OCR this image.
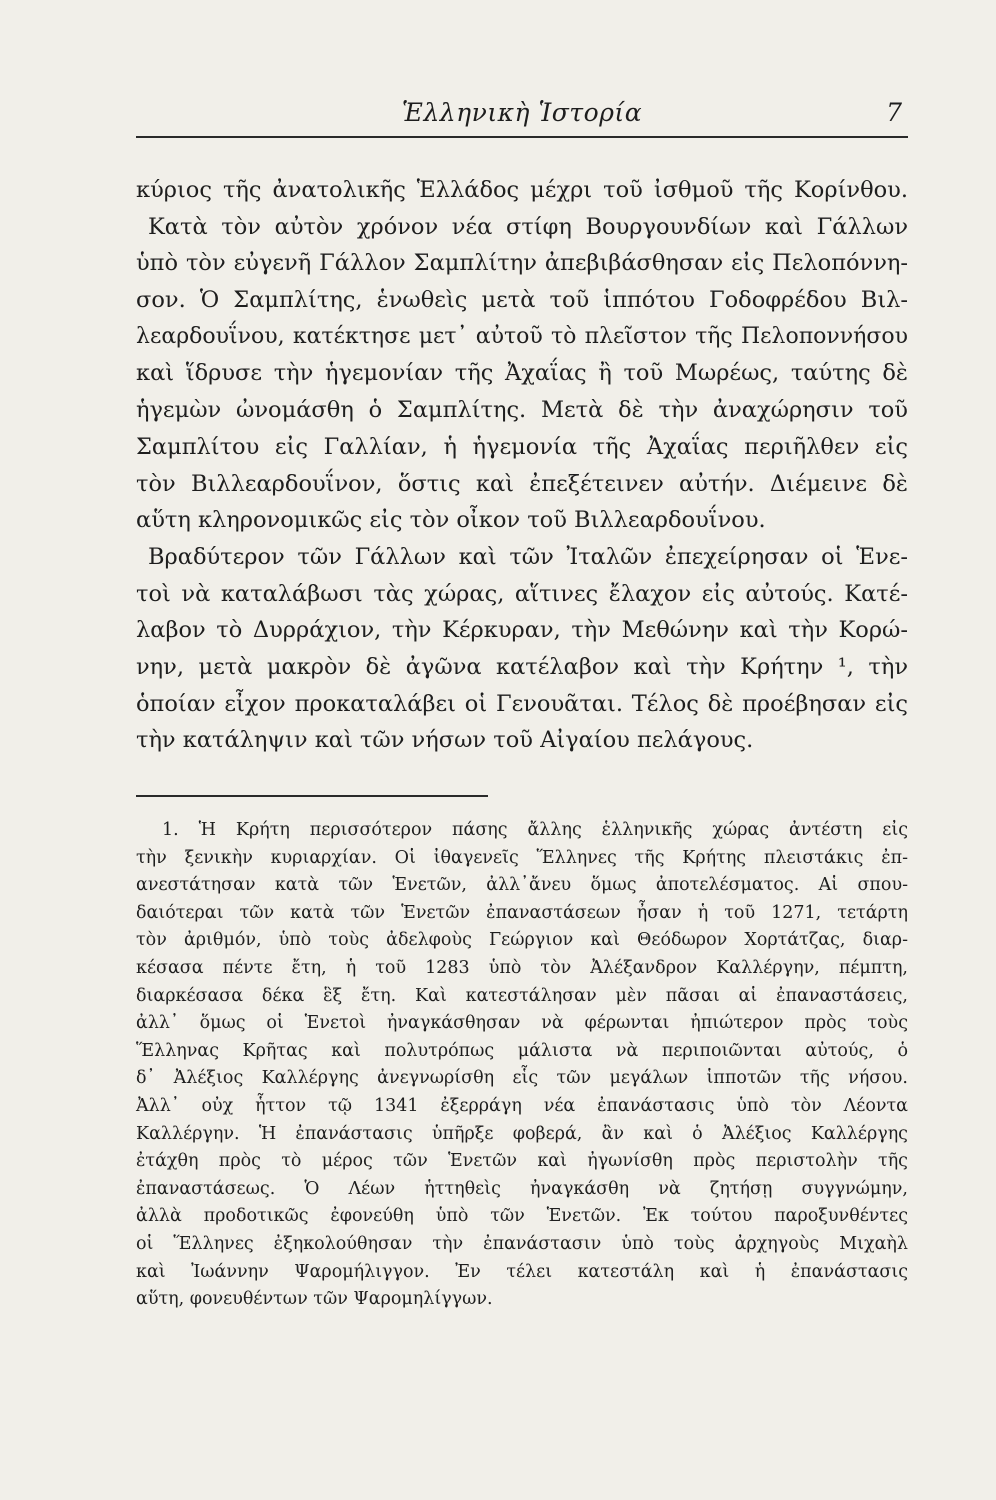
Ἑλληνικὴ Ἱστορία	7
κύριος τῆς ἀνατολικῆς Ἑλλάδος μέχρι τοῦ ἰσθμοῦ τῆς Κορίνθου.
Κατὰ τὸν αὐτὸν χρόνον νέα στίφη Βουργουνδίων καὶ Γάλλων
ὑπὸ τὸν εὐγενῆ Γάλλον Σαμπλίτην ἀπεβιβάσθησαν εἰς Πελοπόννη-
σον. Ὁ Σαμπλίτης, ἑνωθεὶς μετὰ τοῦ ἱππότου Γοδοφρέδου Βιλ-
λεαρδουΐνου, κατέκτησε μετ᾽ αὐτοῦ τὸ πλεῖστον τῆς Πελοποννήσου
καὶ ἵδρυσε τὴν ἡγεμονίαν τῆς Ἀχαΐας ἢ τοῦ Μωρέως, ταύτης δὲ
ἡγεμὼν ὠνομάσθη ὁ Σαμπλίτης. Μετὰ δὲ τὴν ἀναχώρησιν τοῦ
Σαμπλίτου εἰς Γαλλίαν, ἡ ἡγεμονία τῆς Ἀχαΐας περιῆλθεν εἰς
τὸν Βιλλεαρδουΐνον, ὅστις καὶ ἐπεξέτεινεν αὐτήν. Διέμεινε δὲ
αὕτη κληρονομικῶς εἰς τὸν οἶκον τοῦ Βιλλεαρδουΐνου.
Βραδύτερον τῶν Γάλλων καὶ τῶν Ἰταλῶν ἐπεχείρησαν οἱ Ἑνε-
τοὶ νὰ καταλάβωσι τὰς χώρας, αἵτινες ἔλαχον εἰς αὐτούς. Κατέ-
λαβον τὸ Δυρράχιον, τὴν Κέρκυραν, τὴν Μεθώνην καὶ τὴν Κορώ-
νην, μετὰ μακρὸν δὲ ἀγῶνα κατέλαβον καὶ τὴν Κρήτην ¹, τὴν
ὁποίαν εἶχον προκαταλάβει οἱ Γενουᾶται. Τέλος δὲ προέβησαν εἰς
τὴν κατάληψιν καὶ τῶν νήσων τοῦ Αἰγαίου πελάγους.
1. Ἡ Κρήτη περισσότερον πάσης ἄλλης ἑλληνικῆς χώρας ἀντέστη εἰς
τὴν ξενικὴν κυριαρχίαν. Οἱ ἰθαγενεῖς Ἕλληνες τῆς Κρήτης πλειστάκις ἐπ-
ανεστάτησαν κατὰ τῶν Ἑνετῶν, ἀλλ᾽ἄνευ ὅμως ἀποτελέσματος. Αἱ σπου-
δαιότεραι τῶν κατὰ τῶν Ἑνετῶν ἐπαναστάσεων ἦσαν ἡ τοῦ 1271, τετάρτη
τὸν ἀριθμόν, ὑπὸ τοὺς ἀδελφοὺς Γεώργιον καὶ Θεόδωρον Χορτάτζας, διαρ-
κέσασα πέντε ἔτη, ἡ τοῦ 1283 ὑπὸ τὸν Ἀλέξανδρον Καλλέργην, πέμπτη,
διαρκέσασα δέκα ἓξ ἔτη. Καὶ κατεστάλησαν μὲν πᾶσαι αἱ ἐπαναστάσεις,
ἀλλ᾽ ὅμως οἱ Ἑνετοὶ ἠναγκάσθησαν νὰ φέρωνται ἠπιώτερον πρὸς τοὺς
Ἕλληνας Κρῆτας καὶ πολυτρόπως μάλιστα νὰ περιποιῶνται αὐτούς, ὁ
δ᾽ Ἀλέξιος Καλλέργης ἀνεγνωρίσθη εἷς τῶν μεγάλων ἱπποτῶν τῆς νήσου.
Ἀλλ᾽ οὐχ ἧττον τῷ 1341 ἐξερράγη νέα ἐπανάστασις ὑπὸ τὸν Λέοντα
Καλλέργην. Ἡ ἐπανάστασις ὑπῆρξε φοβερά, ἂν καὶ ὁ Ἀλέξιος Καλλέργης
ἐτάχθη πρὸς τὸ μέρος τῶν Ἑνετῶν καὶ ἠγωνίσθη πρὸς περιστολὴν τῆς
ἐπαναστάσεως. Ὁ Λέων ἡττηθεὶς ἠναγκάσθη νὰ ζητήσῃ συγγνώμην,
ἀλλὰ προδοτικῶς ἐφονεύθη ὑπὸ τῶν Ἑνετῶν. Ἐκ τούτου παροξυνθέντες
οἱ Ἕλληνες ἐξηκολούθησαν τὴν ἐπανάστασιν ὑπὸ τοὺς ἀρχηγοὺς Μιχαὴλ
καὶ Ἰωάννην Ψαρομήλιγγον. Ἐν τέλει κατεστάλη καὶ ἡ ἐπανάστασις
αὕτη, φονευθέντων τῶν Ψαρομηλίγγων.
